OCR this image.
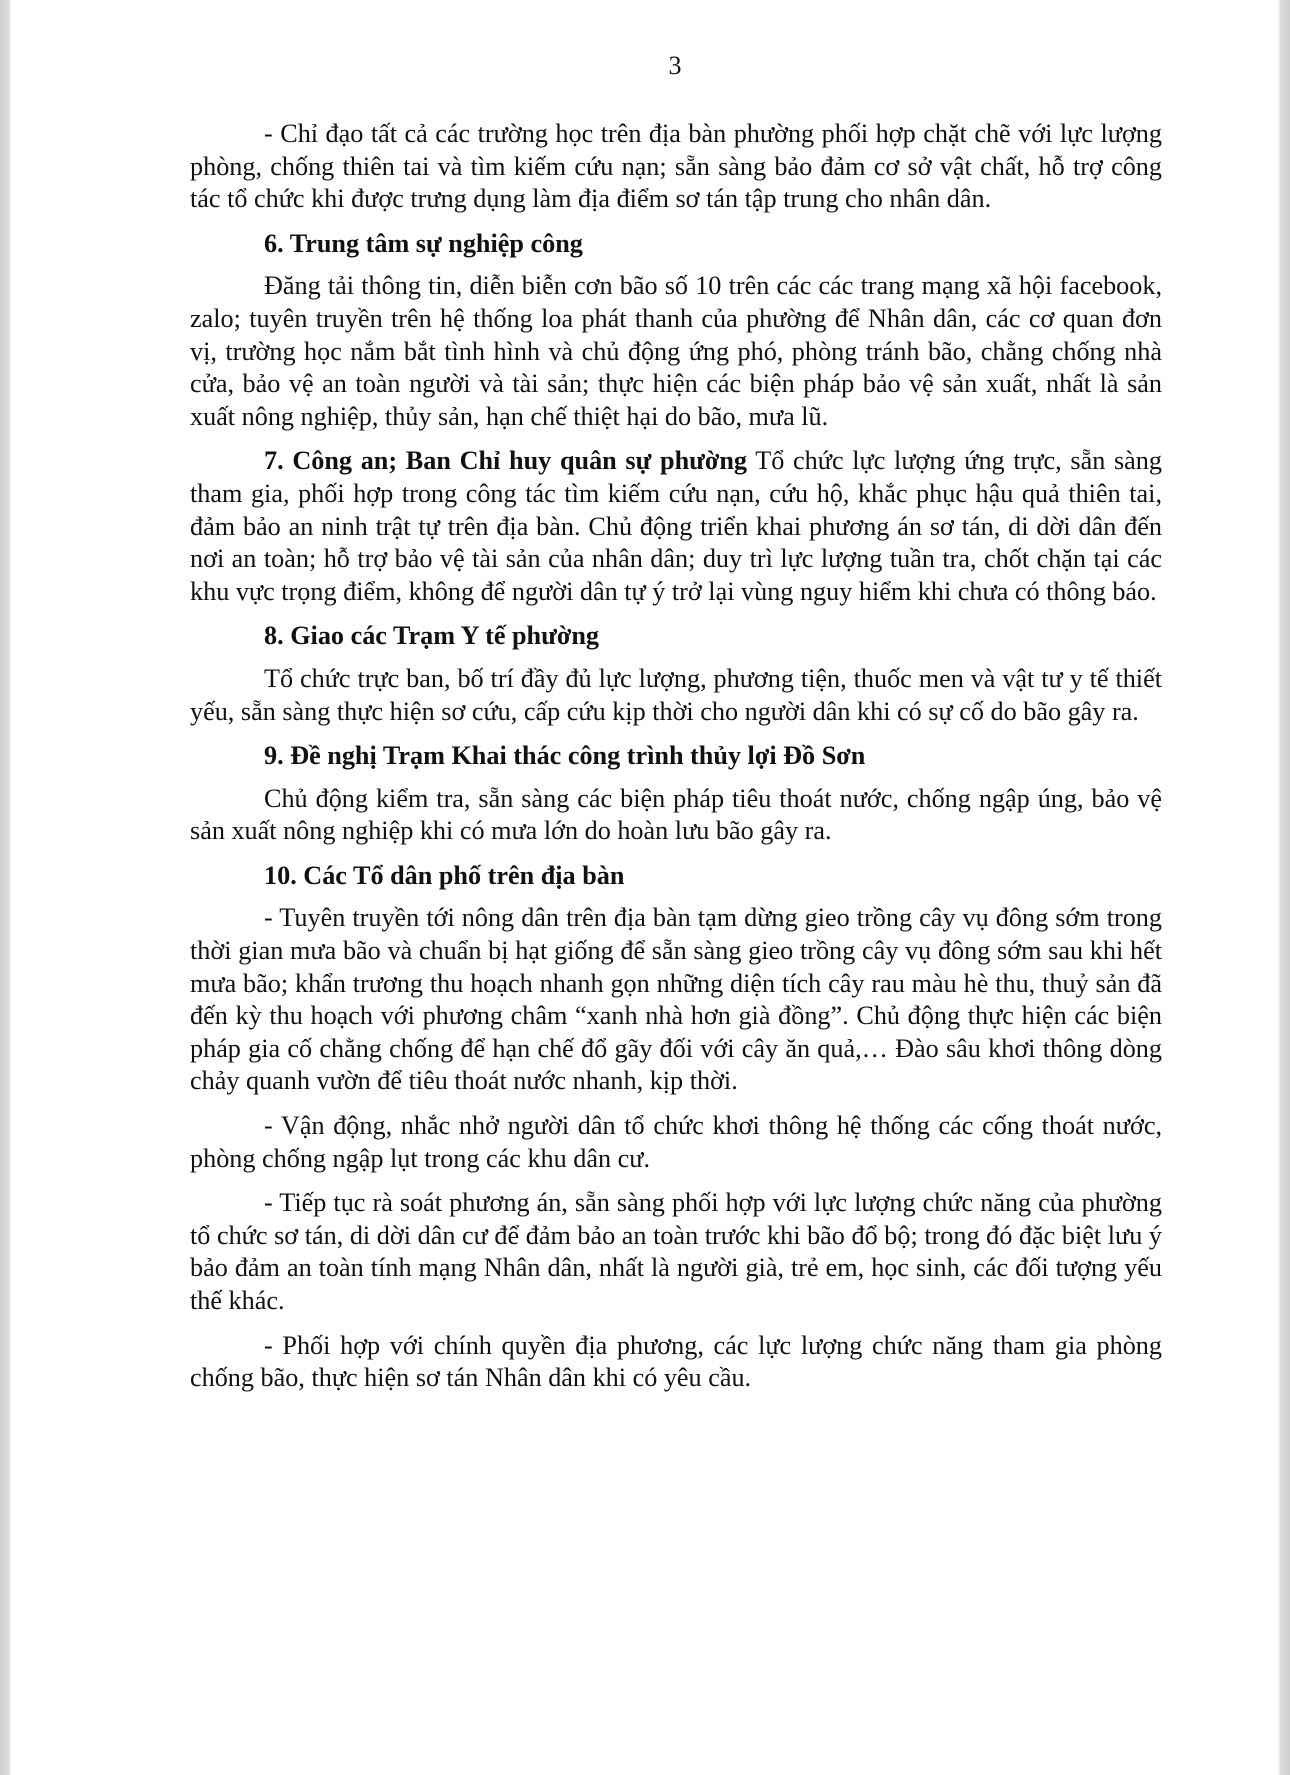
3

- Chỉ đạo tất cả các trường học trên địa bàn phường phối hợp chặt chẽ với lực lượng phòng, chống thiên tai và tìm kiếm cứu nạn; sẵn sàng bảo đảm cơ sở vật chất, hỗ trợ công tác tổ chức khi được trưng dụng làm địa điểm sơ tán tập trung cho nhân dân.

6. Trung tâm sự nghiệp công

Đăng tải thông tin, diễn biễn cơn bão số 10 trên các các trang mạng xã hội facebook, zalo; tuyên truyền trên hệ thống loa phát thanh của phường để Nhân dân, các cơ quan đơn vị, trường học nắm bắt tình hình và chủ động ứng phó, phòng tránh bão, chằng chống nhà cửa, bảo vệ an toàn người và tài sản; thực hiện các biện pháp bảo vệ sản xuất, nhất là sản xuất nông nghiệp, thủy sản, hạn chế thiệt hại do bão, mưa lũ.

7. Công an; Ban Chỉ huy quân sự phường Tổ chức lực lượng ứng trực, sẵn sàng tham gia, phối hợp trong công tác tìm kiếm cứu nạn, cứu hộ, khắc phục hậu quả thiên tai, đảm bảo an ninh trật tự trên địa bàn. Chủ động triển khai phương án sơ tán, di dời dân đến nơi an toàn; hỗ trợ bảo vệ tài sản của nhân dân; duy trì lực lượng tuần tra, chốt chặn tại các khu vực trọng điểm, không để người dân tự ý trở lại vùng nguy hiểm khi chưa có thông báo.

8. Giao các Trạm Y tế phường

Tổ chức trực ban, bố trí đầy đủ lực lượng, phương tiện, thuốc men và vật tư y tế thiết yếu, sẵn sàng thực hiện sơ cứu, cấp cứu kịp thời cho người dân khi có sự cố do bão gây ra.

9. Đề nghị Trạm Khai thác công trình thủy lợi Đồ Sơn

Chủ động kiểm tra, sẵn sàng các biện pháp tiêu thoát nước, chống ngập úng, bảo vệ sản xuất nông nghiệp khi có mưa lớn do hoàn lưu bão gây ra.

10. Các Tổ dân phố trên địa bàn

- Tuyên truyền tới nông dân trên địa bàn tạm dừng gieo trồng cây vụ đông sớm trong thời gian mưa bão và chuẩn bị hạt giống để sẵn sàng gieo trồng cây vụ đông sớm sau khi hết mưa bão; khẩn trương thu hoạch nhanh gọn những diện tích cây rau màu hè thu, thuỷ sản đã đến kỳ thu hoạch với phương châm “xanh nhà hơn già đồng”. Chủ động thực hiện các biện pháp gia cố chằng chống để hạn chế đổ gãy đối với cây ăn quả,… Đào sâu khơi thông dòng chảy quanh vườn để tiêu thoát nước nhanh, kịp thời.

- Vận động, nhắc nhở người dân tổ chức khơi thông hệ thống các cống thoát nước, phòng chống ngập lụt trong các khu dân cư.

- Tiếp tục rà soát phương án, sẵn sàng phối hợp với lực lượng chức năng của phường tổ chức sơ tán, di dời dân cư để đảm bảo an toàn trước khi bão đổ bộ; trong đó đặc biệt lưu ý bảo đảm an toàn tính mạng Nhân dân, nhất là người già, trẻ em, học sinh, các đối tượng yếu thế khác.

- Phối hợp với chính quyền địa phương, các lực lượng chức năng tham gia phòng chống bão, thực hiện sơ tán Nhân dân khi có yêu cầu.
